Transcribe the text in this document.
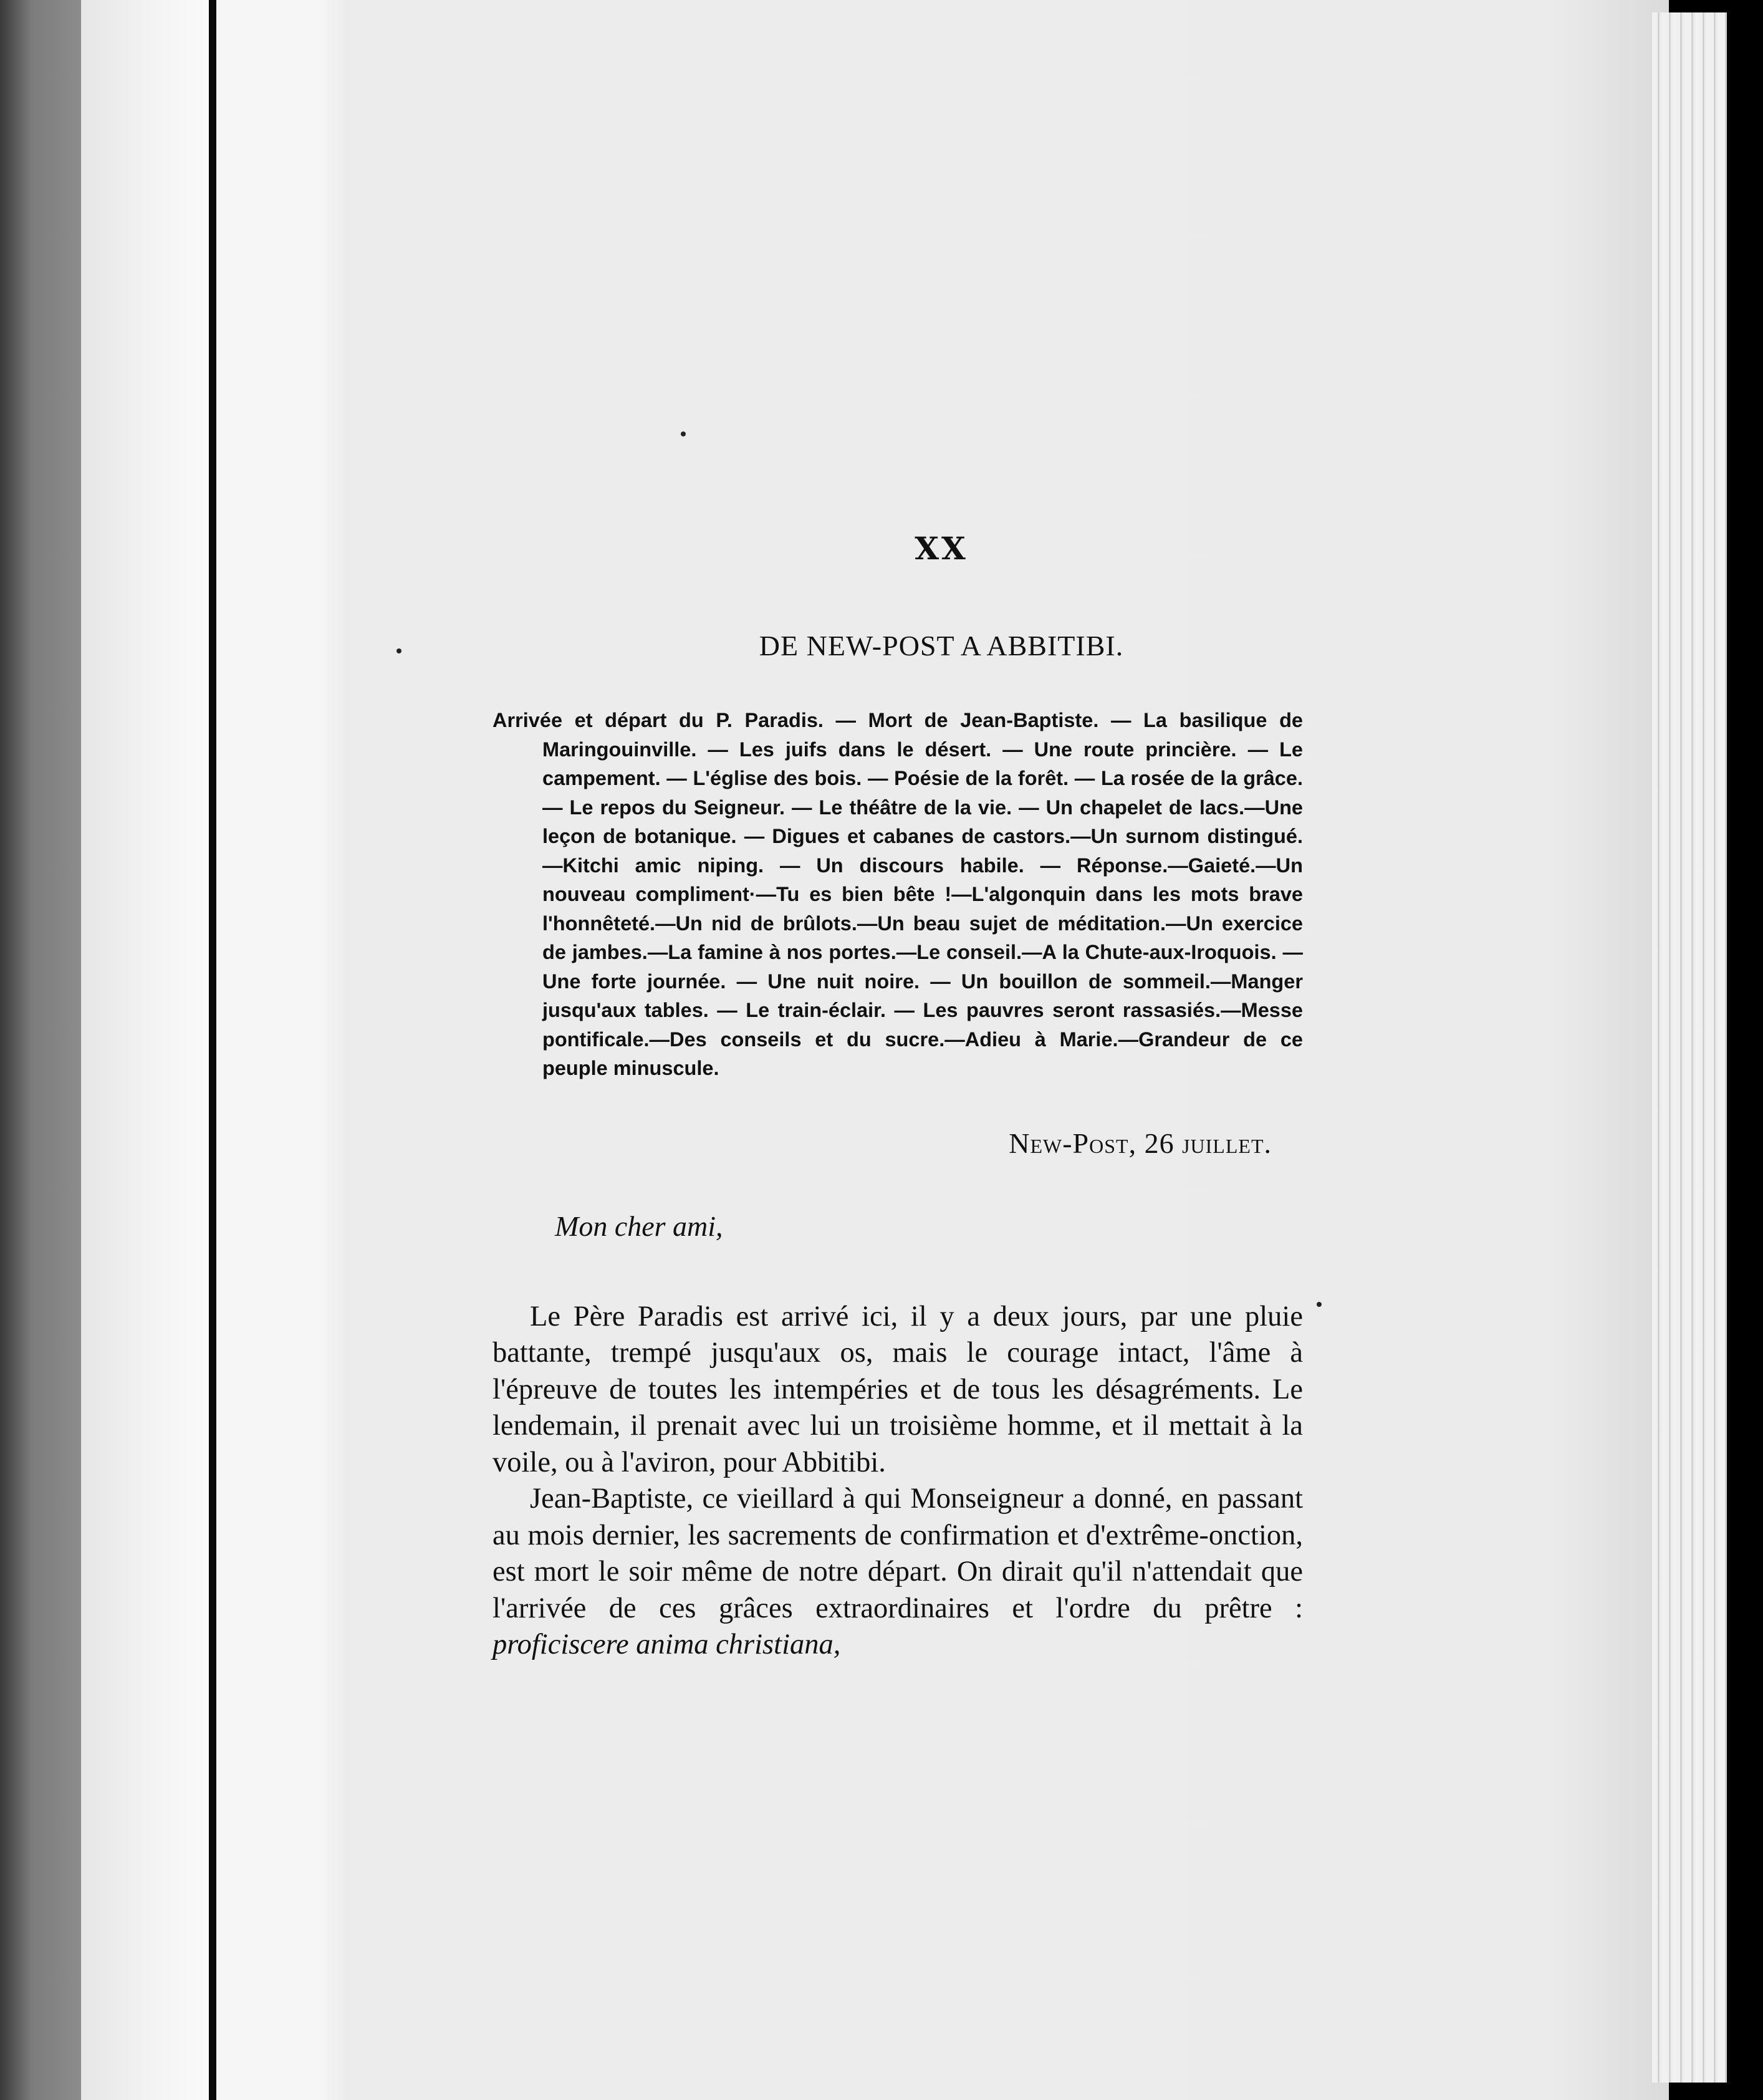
XX
DE NEW-POST A ABBITIBI.

Arrivée et départ du P. Paradis. — Mort de Jean-Baptiste. — La basilique de Maringouinville. — Les juifs dans le désert. — Une route princière. — Le campement. — L'église des bois. — Poésie de la forêt. — La rosée de la grâce. — Le repos du Seigneur. — Le théâtre de la vie. — Un chapelet de lacs.—Une leçon de botanique. — Digues et cabanes de castors.—Un surnom distingué.—Kitchi amic niping. — Un discours habile. — Réponse.—Gaieté.—Un nouveau compliment·—Tu es bien bête !—L'algonquin dans les mots brave l'honnêteté.—Un nid de brûlots.—Un beau sujet de méditation.—Un exercice de jambes.—La famine à nos portes.—Le conseil.—A la Chute-aux-Iroquois. — Une forte journée. — Une nuit noire. — Un bouillon de sommeil.—Manger jusqu'aux tables. — Le train-éclair. — Les pauvres seront rassasiés.—Messe pontificale.—Des conseils et du sucre.—Adieu à Marie.—Grandeur de ce peuple minuscule.

New-Post, 26 juillet.

Mon cher ami,

Le Père Paradis est arrivé ici, il y a deux jours, par une pluie battante, trempé jusqu'aux os, mais le courage intact, l'âme à l'épreuve de toutes les intempéries et de tous les désagréments. Le lendemain, il prenait avec lui un troisième homme, et il mettait à la voile, ou à l'aviron, pour Abbitibi.

Jean-Baptiste, ce vieillard à qui Monseigneur a donné, en passant au mois dernier, les sacrements de confirmation et d'extrême-onction, est mort le soir même de notre départ. On dirait qu'il n'attendait que l'arrivée de ces grâces extraordinaires et l'ordre du prêtre : proficiscere anima christiana,
